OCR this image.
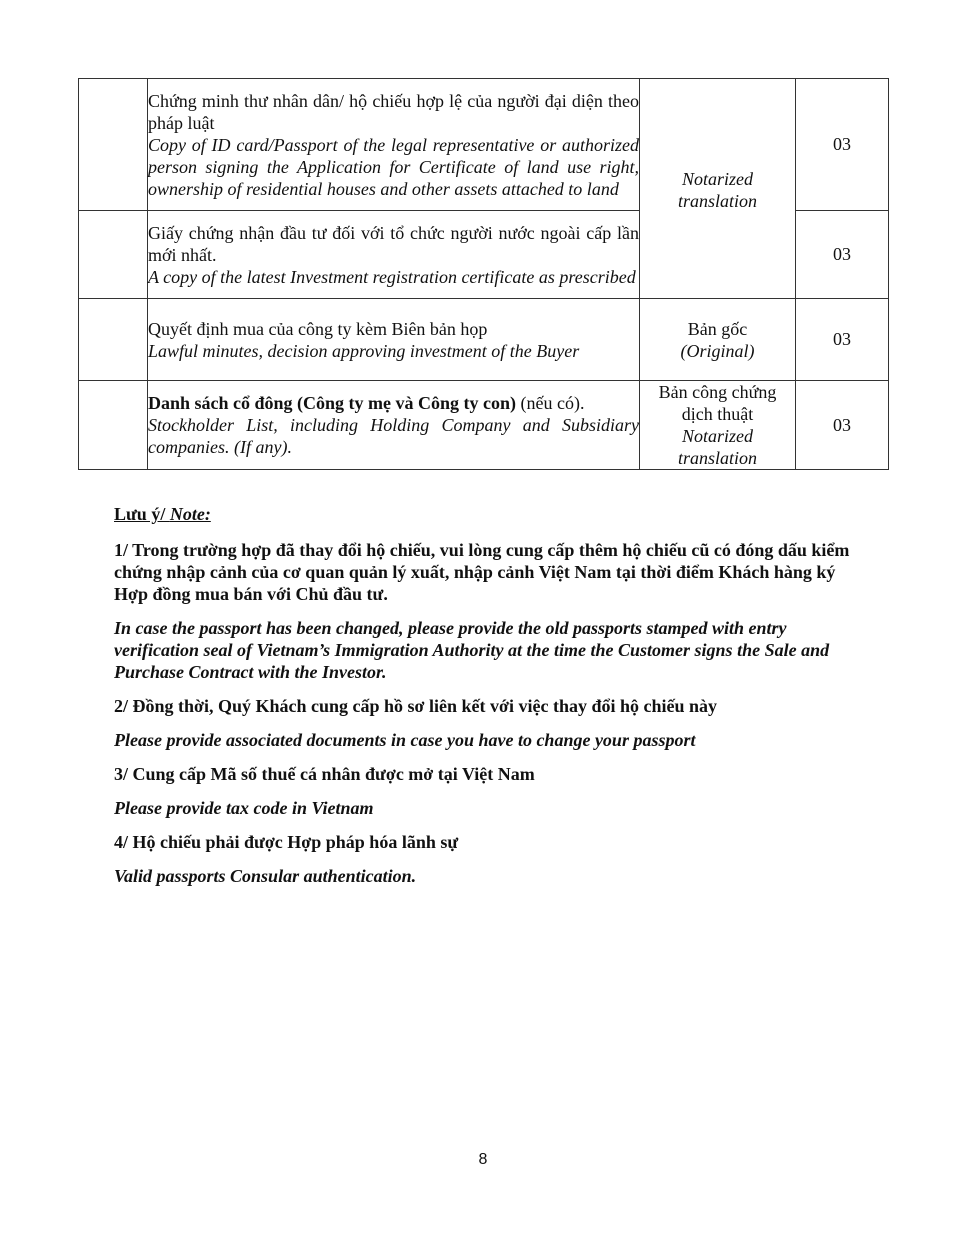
	Chứng minh thư nhân dân/ hộ chiếu hợp lệ của người đại diện theo pháp luật
Copy of ID card/Passport of the legal representative or authorized person signing the Application for Certificate of land use right, ownership of residential houses and other assets attached to land	Notarized translation	03

	Giấy chứng nhận đầu tư đối với tổ chức người nước ngoài cấp lần mới nhất.
A copy of the latest Investment registration certificate as prescribed		03

	Quyết định mua của công ty kèm Biên bản họp
Lawful minutes, decision approving investment of the Buyer	Bản gốc
(Original)	03

	Danh sách cổ đông (Công ty mẹ và Công ty con) (nếu có).
Stockholder List, including Holding Company and Subsidiary companies. (If any).	Bản công chứng dịch thuật
Notarized translation	03

Lưu ý/ Note:

1/ Trong trường hợp đã thay đổi hộ chiếu, vui lòng cung cấp thêm hộ chiếu cũ có đóng dấu kiểm chứng nhập cảnh của cơ quan quản lý xuất, nhập cảnh Việt Nam tại thời điểm Khách hàng ký Hợp đồng mua bán với Chủ đầu tư.

In case the passport has been changed, please provide the old passports stamped with entry verification seal of Vietnam’s Immigration Authority at the time the Customer signs the Sale and Purchase Contract with the Investor.

2/ Đồng thời, Quý Khách cung cấp hồ sơ liên kết với việc thay đổi hộ chiếu này

Please provide associated documents in case you have to change your passport

3/ Cung cấp Mã số thuế cá nhân được mở tại Việt Nam

Please provide tax code in Vietnam

4/ Hộ chiếu phải được Hợp pháp hóa lãnh sự

Valid passports Consular authentication.

8
